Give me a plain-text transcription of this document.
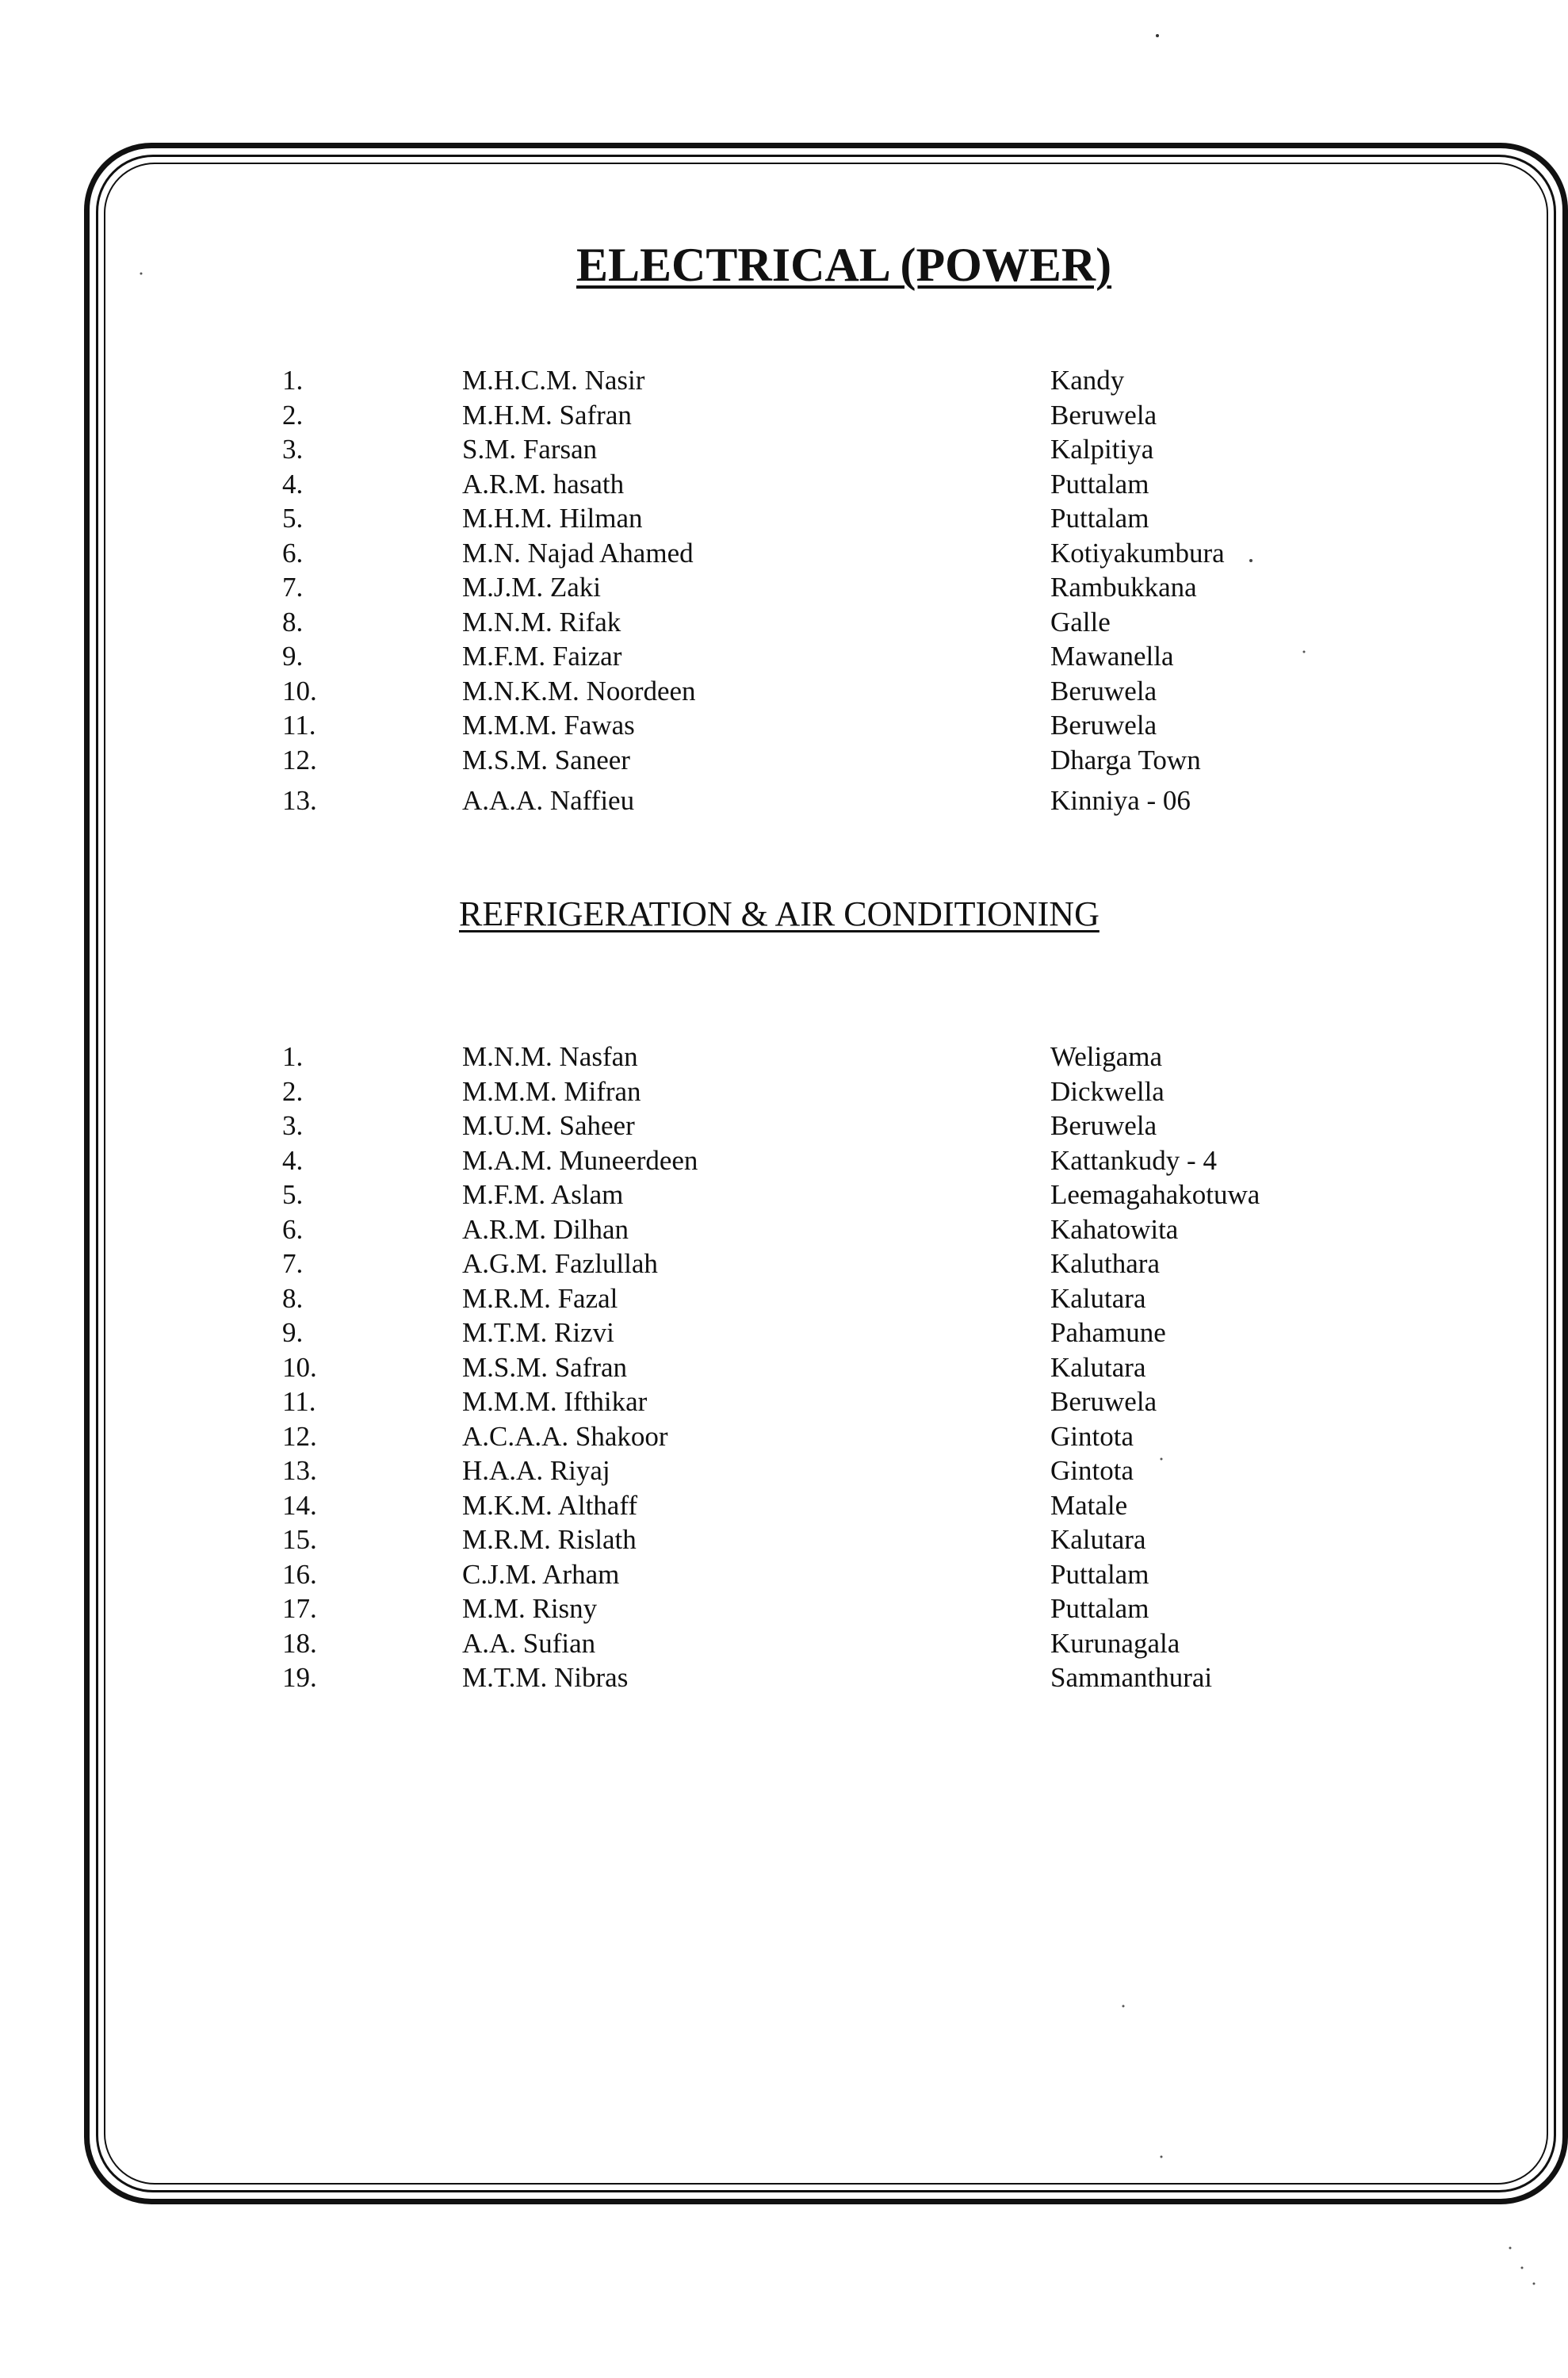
ELECTRICAL (POWER)
1.	M.H.C.M. Nasir	Kandy
2.	M.H.M. Safran	Beruwela
3.	S.M. Farsan	Kalpitiya
4.	A.R.M. hasath	Puttalam
5.	M.H.M. Hilman	Puttalam
6.	M.N. Najad Ahamed	Kotiyakumbura
7.	M.J.M. Zaki	Rambukkana
8.	M.N.M. Rifak	Galle
9.	M.F.M. Faizar	Mawanella
10.	M.N.K.M. Noordeen	Beruwela
11.	M.M.M. Fawas	Beruwela
12.	M.S.M. Saneer	Dharga Town
13.	A.A.A. Naffieu	Kinniya - 06
REFRIGERATION & AIR CONDITIONING
1.	M.N.M. Nasfan	Weligama
2.	M.M.M. Mifran	Dickwella
3.	M.U.M. Saheer	Beruwela
4.	M.A.M. Muneerdeen	Kattankudy - 4
5.	M.F.M. Aslam	Leemagahakotuwa
6.	A.R.M. Dilhan	Kahatowita
7.	A.G.M. Fazlullah	Kaluthara
8.	M.R.M. Fazal	Kalutara
9.	M.T.M. Rizvi	Pahamune
10.	M.S.M. Safran	Kalutara
11.	M.M.M. Ifthikar	Beruwela
12.	A.C.A.A. Shakoor	Gintota
13.	H.A.A. Riyaj	Gintota
14.	M.K.M. Althaff	Matale
15.	M.R.M. Rislath	Kalutara
16.	C.J.M. Arham	Puttalam
17.	M.M. Risny	Puttalam
18.	A.A. Sufian	Kurunagala
19.	M.T.M. Nibras	Sammanthurai
